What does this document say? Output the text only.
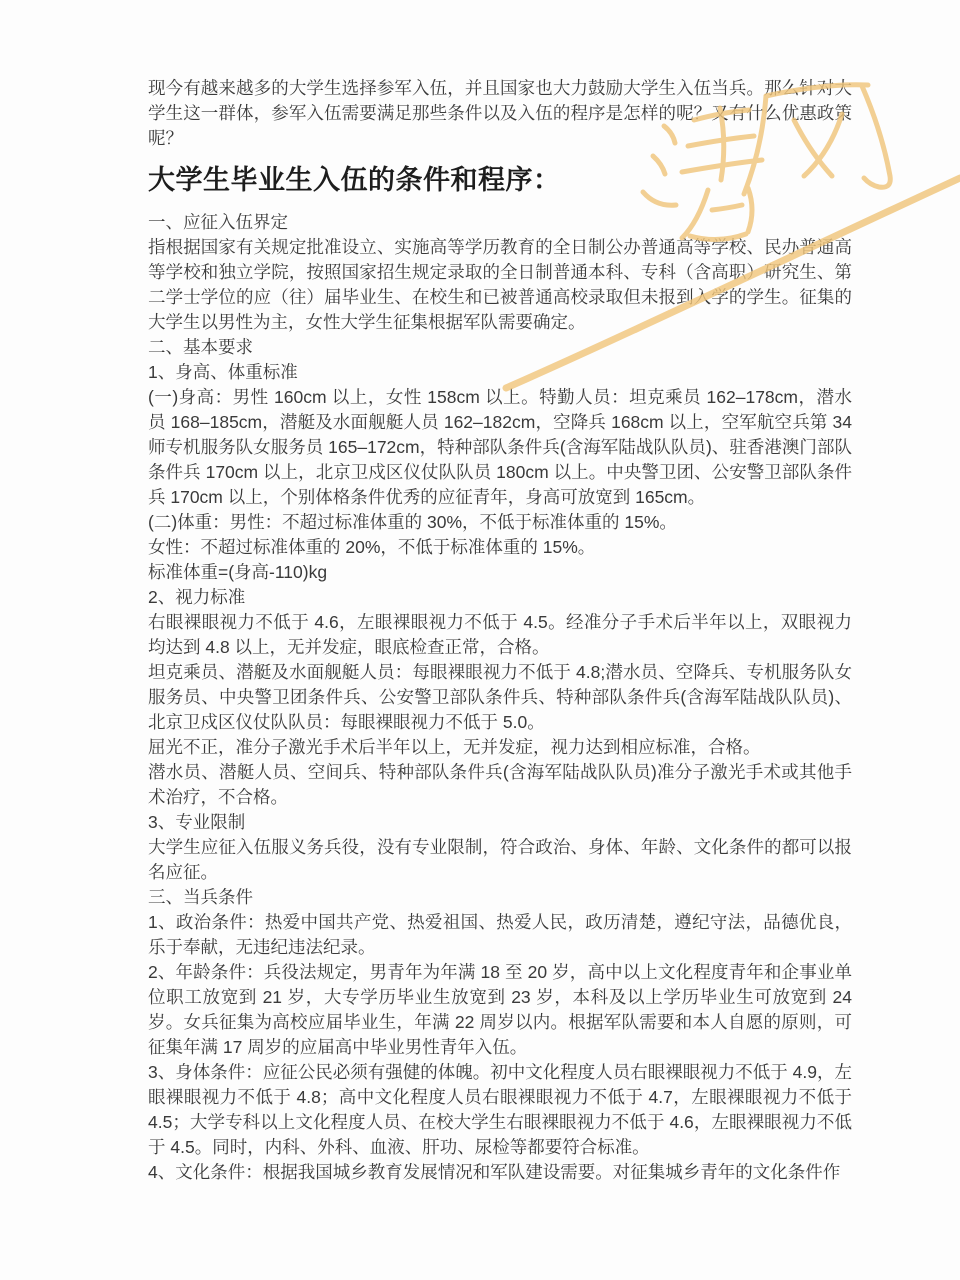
现今有越来越多的大学生选择参军入伍，并且国家也大力鼓励大学生入伍当兵。那么针对大学生这一群体，参军入伍需要满足那些条件以及入伍的程序是怎样的呢？又有什么优惠政策呢？

大学生毕业生入伍的条件和程序：

一、应征入伍界定

指根据国家有关规定批准设立、实施高等学历教育的全日制公办普通高等学校、民办普通高等学校和独立学院，按照国家招生规定录取的全日制普通本科、专科（含高职）研究生、第二学士学位的应（往）届毕业生、在校生和已被普通高校录取但未报到入学的学生。征集的大学生以男性为主，女性大学生征集根据军队需要确定。

二、基本要求

1、身高、体重标准

(一)身高：男性 160cm 以上，女性 158cm 以上。特勤人员：坦克乘员 162–178cm，潜水员 168–185cm，潜艇及水面舰艇人员 162–182cm，空降兵 168cm 以上，空军航空兵第 34 师专机服务队女服务员 165–172cm，特种部队条件兵(含海军陆战队队员)、驻香港澳门部队条件兵 170cm 以上，北京卫戍区仪仗队队员 180cm 以上。中央警卫团、公安警卫部队条件兵 170cm 以上，个别体格条件优秀的应征青年，身高可放宽到 165cm。

(二)体重：男性：不超过标准体重的 30%，不低于标准体重的 15%。

女性：不超过标准体重的 20%，不低于标准体重的 15%。

标准体重=(身高-110)kg

2、视力标准

右眼裸眼视力不低于 4.6，左眼裸眼视力不低于 4.5。经准分子手术后半年以上，双眼视力均达到 4.8 以上，无并发症，眼底检查正常，合格。

坦克乘员、潜艇及水面舰艇人员：每眼裸眼视力不低于 4.8;潜水员、空降兵、专机服务队女服务员、中央警卫团条件兵、公安警卫部队条件兵、特种部队条件兵(含海军陆战队队员)、北京卫戍区仪仗队队员：每眼裸眼视力不低于 5.0。

屈光不正，准分子激光手术后半年以上，无并发症，视力达到相应标准，合格。

潜水员、潜艇人员、空间兵、特种部队条件兵(含海军陆战队队员)准分子激光手术或其他手术治疗，不合格。

3、专业限制

大学生应征入伍服义务兵役，没有专业限制，符合政治、身体、年龄、文化条件的都可以报名应征。

三、当兵条件

1、政治条件：热爱中国共产党、热爱祖国、热爱人民，政历清楚，遵纪守法，品德优良，乐于奉献，无违纪违法纪录。

2、年龄条件：兵役法规定，男青年为年满 18 至 20 岁，高中以上文化程度青年和企事业单位职工放宽到 21 岁，大专学历毕业生放宽到 23 岁，本科及以上学历毕业生可放宽到 24 岁。女兵征集为高校应届毕业生，年满 22 周岁以内。根据军队需要和本人自愿的原则，可征集年满 17 周岁的应届高中毕业男性青年入伍。

3、身体条件：应征公民必须有强健的体魄。初中文化程度人员右眼裸眼视力不低于 4.9，左眼裸眼视力不低于 4.8；高中文化程度人员右眼裸眼视力不低于 4.7，左眼裸眼视力不低于 4.5；大学专科以上文化程度人员、在校大学生右眼裸眼视力不低于 4.6，左眼裸眼视力不低于 4.5。同时，内科、外科、血液、肝功、尿检等都要符合标准。

4、文化条件：根据我国城乡教育发展情况和军队建设需要。对征集城乡青年的文化条件作
